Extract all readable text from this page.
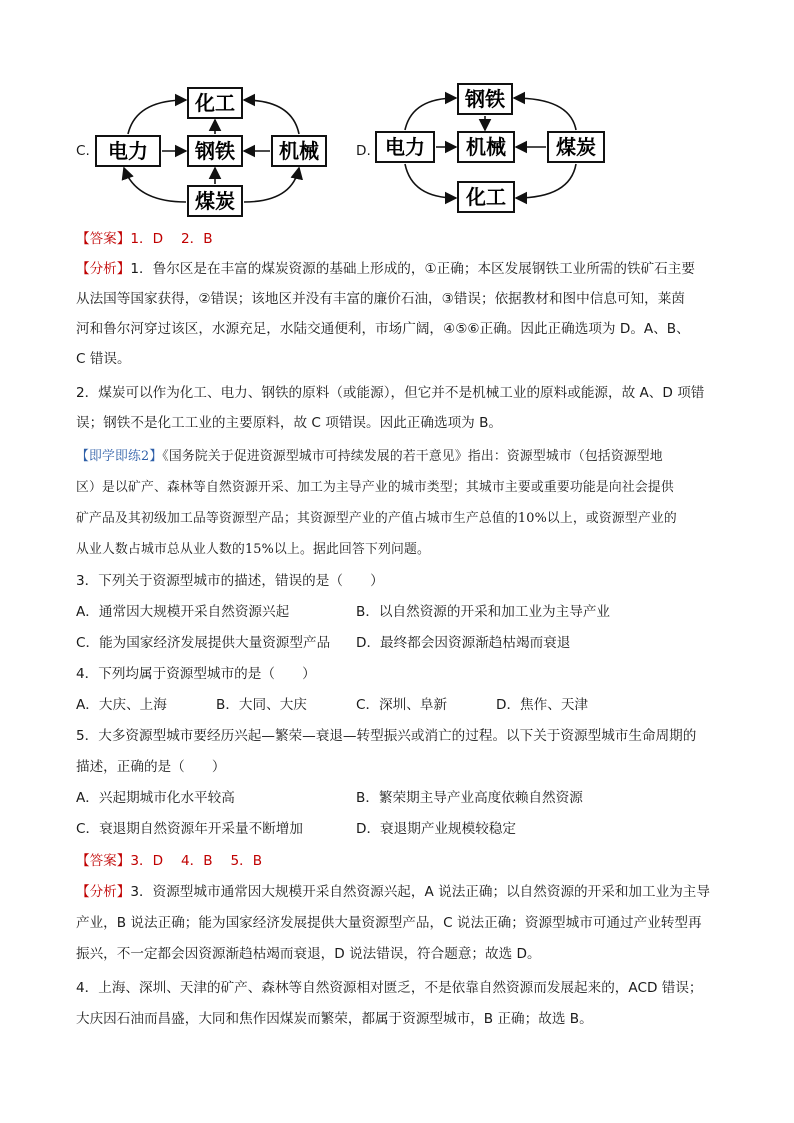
C.
化工
电力 钢铁 机械
煤炭
D.
钢铁
电力 机械	煤炭
化工
【答案】1．D　 2．B
【分析】1．鲁尔区是在丰富的煤炭资源的基础上形成的，①正确；本区发展钢铁工业所需的铁矿石主要
从法国等国家获得，②错误；该地区并没有丰富的廉价石油，③错误；依据教材和图中信息可知，莱茵
河和鲁尔河穿过该区，水源充足，水陆交通便利，市场广阔，④⑤⑥正确。因此正确选项为 D。A、B、
C 错误。
2．煤炭可以作为化工、电力、钢铁的原料（或能源），但它并不是机械工业的原料或能源，故 A、D 项错
误；钢铁不是化工工业的主要原料，故 C 项错误。因此正确选项为 B。
【即学即练2】《国务院关于促进资源型城市可持续发展的若干意见》指出：资源型城市（包括资源型地
区）是以矿产、森林等自然资源开采、加工为主导产业的城市类型；其城市主要或重要功能是向社会提供
矿产品及其初级加工品等资源型产品；其资源型产业的产值占城市生产总值的10%以上，或资源型产业的
从业人数占城市总从业人数的15%以上。据此回答下列问题。
3．下列关于资源型城市的描述，错误的是（　　）
A．通常因大规模开采自然资源兴起	B．以自然资源的开采和加工业为主导产业
C．能为国家经济发展提供大量资源型产品 D．最终都会因资源渐趋枯竭而衰退
4．下列均属于资源型城市的是（　　）
A．大庆、上海	B．大同、大庆	C．深圳、阜新	D．焦作、天津
5．大多资源型城市要经历兴起—繁荣—衰退—转型振兴或消亡的过程。以下关于资源型城市生命周期的
描述，正确的是（　　）
A．兴起期城市化水平较高	B．繁荣期主导产业高度依赖自然资源
C．衰退期自然资源年开采量不断增加	D．衰退期产业规模较稳定
【答案】3．D　 4．B　 5．B
【分析】3．资源型城市通常因大规模开采自然资源兴起，A 说法正确；以自然资源的开采和加工业为主导
产业，B 说法正确；能为国家经济发展提供大量资源型产品，C 说法正确；资源型城市可通过产业转型再
振兴，不一定都会因资源渐趋枯竭而衰退，D 说法错误，符合题意；故选 D。
4．上海、深圳、天津的矿产、森林等自然资源相对匮乏，不是依靠自然资源而发展起来的，ACD 错误；
大庆因石油而昌盛，大同和焦作因煤炭而繁荣，都属于资源型城市，B 正确；故选 B。
